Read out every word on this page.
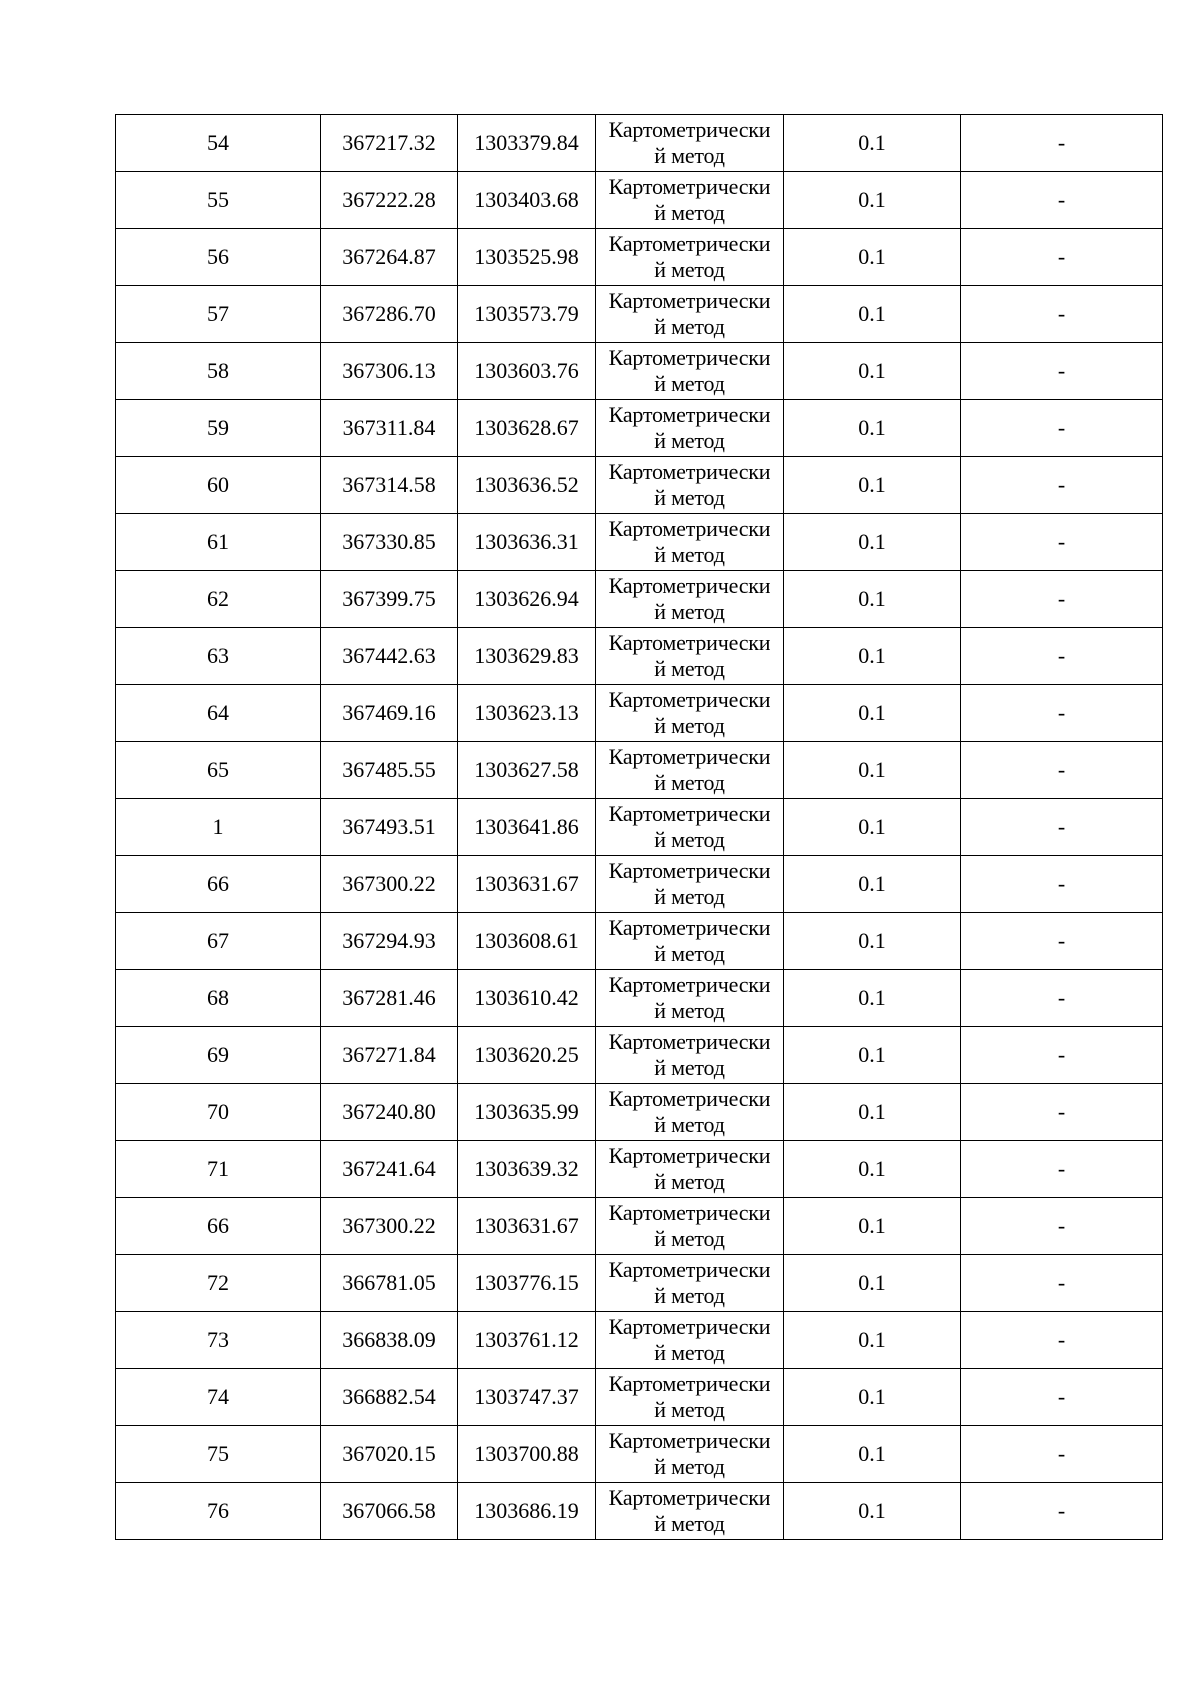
54	367217.32	1303379.84	Картометрически
й метод	0.1	-
55	367222.28	1303403.68	Картометрически
й метод	0.1	-
56	367264.87	1303525.98	Картометрически
й метод	0.1	-
57	367286.70	1303573.79	Картометрически
й метод	0.1	-
58	367306.13	1303603.76	Картометрически
й метод	0.1	-
59	367311.84	1303628.67	Картометрически
й метод	0.1	-
60	367314.58	1303636.52	Картометрически
й метод	0.1	-
61	367330.85	1303636.31	Картометрически
й метод	0.1	-
62	367399.75	1303626.94	Картометрически
й метод	0.1	-
63	367442.63	1303629.83	Картометрически
й метод	0.1	-
64	367469.16	1303623.13	Картометрически
й метод	0.1	-
65	367485.55	1303627.58	Картометрически
й метод	0.1	-
1	367493.51	1303641.86	Картометрически
й метод	0.1	-
66	367300.22	1303631.67	Картометрически
й метод	0.1	-
67	367294.93	1303608.61	Картометрически
й метод	0.1	-
68	367281.46	1303610.42	Картометрически
й метод	0.1	-
69	367271.84	1303620.25	Картометрически
й метод	0.1	-
70	367240.80	1303635.99	Картометрически
й метод	0.1	-
71	367241.64	1303639.32	Картометрически
й метод	0.1	-
66	367300.22	1303631.67	Картометрически
й метод	0.1	-
72	366781.05	1303776.15	Картометрически
й метод	0.1	-
73	366838.09	1303761.12	Картометрически
й метод	0.1	-
74	366882.54	1303747.37	Картометрически
й метод	0.1	-
75	367020.15	1303700.88	Картометрически
й метод	0.1	-
76	367066.58	1303686.19	Картометрически
й метод	0.1	-
